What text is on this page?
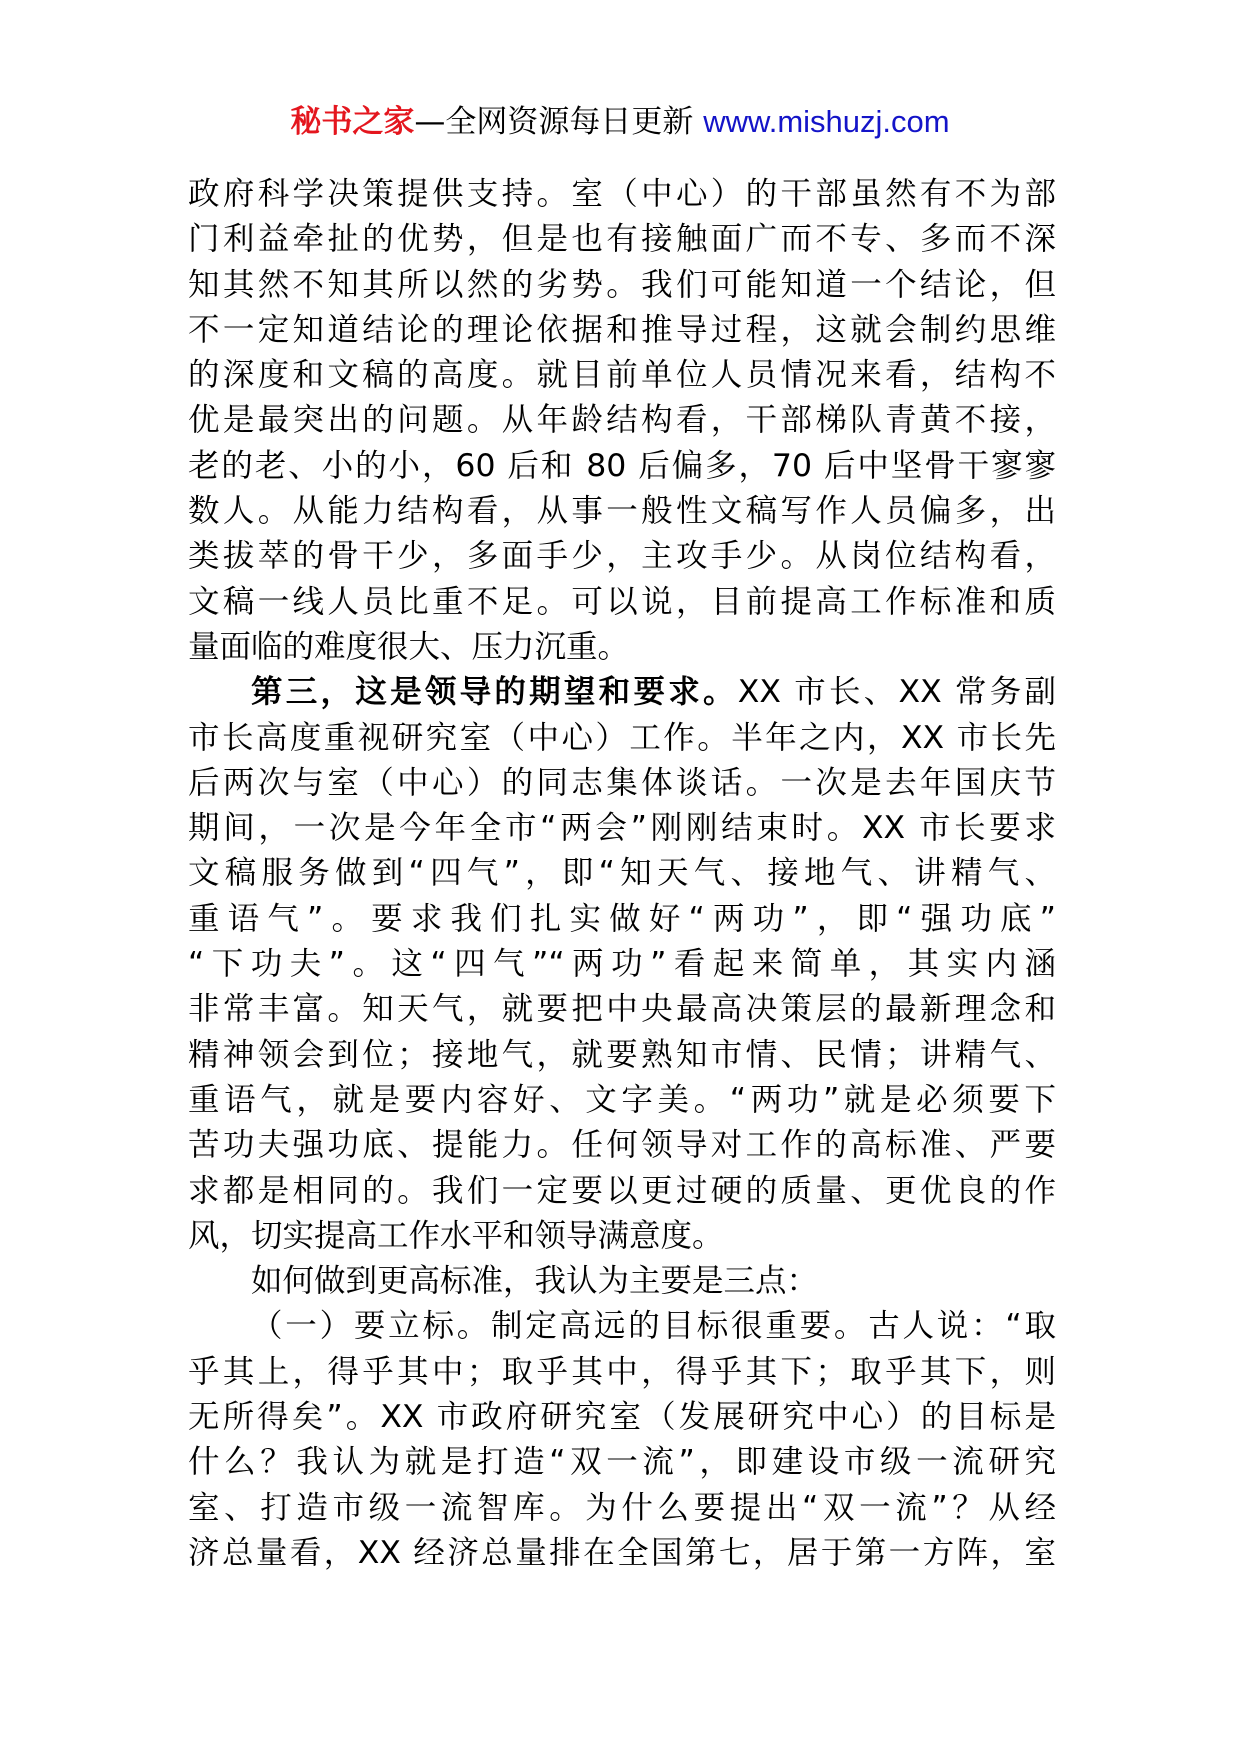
秘书之家—全网资源每日更新 www.mishuzj.com
政府科学决策提供支持。室（中心）的干部虽然有不为部
门利益牵扯的优势，但是也有接触面广而不专、多而不深
知其然不知其所以然的劣势。我们可能知道一个结论，但
不一定知道结论的理论依据和推导过程，这就会制约思维
的深度和文稿的高度。就目前单位人员情况来看，结构不
优是最突出的问题。从年龄结构看，干部梯队青黄不接，
老的老、小的小，60 后和 80 后偏多，70 后中坚骨干寥寥
数人。从能力结构看，从事一般性文稿写作人员偏多，出
类拔萃的骨干少，多面手少，主攻手少。从岗位结构看，
文稿一线人员比重不足。可以说，目前提高工作标准和质
量面临的难度很大、压力沉重。
第三，这是领导的期望和要求。XX 市长、XX 常务副
市长高度重视研究室（中心）工作。半年之内，XX 市长先
后两次与室（中心）的同志集体谈话。一次是去年国庆节
期间，一次是今年全市“两会”刚刚结束时。XX 市长要求
文稿服务做到“四气”，即“知天气、接地气、讲精气、
重语气”。要求我们扎实做好“两功”，即“强功底”
“下功夫”。这“四气”“两功”看起来简单，其实内涵
非常丰富。知天气，就要把中央最高决策层的最新理念和
精神领会到位；接地气，就要熟知市情、民情；讲精气、
重语气，就是要内容好、文字美。“两功”就是必须要下
苦功夫强功底、提能力。任何领导对工作的高标准、严要
求都是相同的。我们一定要以更过硬的质量、更优良的作
风，切实提高工作水平和领导满意度。
如何做到更高标准，我认为主要是三点：
（一）要立标。制定高远的目标很重要。古人说：“取
乎其上，得乎其中；取乎其中，得乎其下；取乎其下，则
无所得矣”。XX 市政府研究室（发展研究中心）的目标是
什么？我认为就是打造“双一流”，即建设市级一流研究
室、打造市级一流智库。为什么要提出“双一流”？从经
济总量看，XX 经济总量排在全国第七，居于第一方阵，室
